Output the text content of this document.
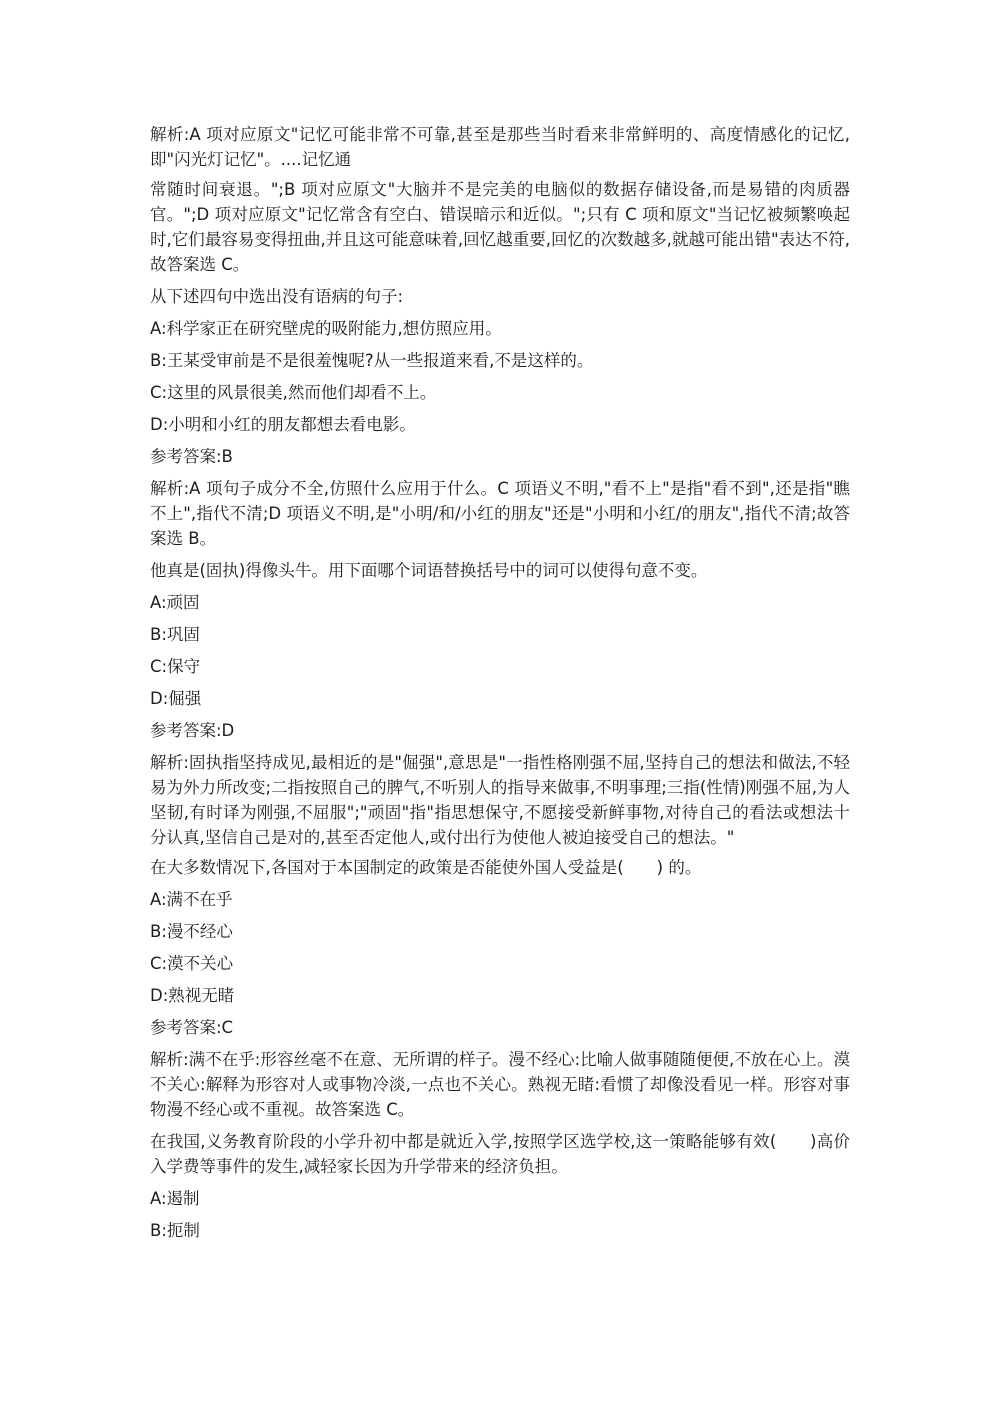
解析:A 项对应原文"记忆可能非常不可靠,甚至是那些当时看来非常鲜明的、高度情感化的记忆,即"闪光灯记忆"。....记忆通

常随时间衰退。";B 项对应原文"大脑并不是完美的电脑似的数据存储设备,而是易错的肉质器官。";D 项对应原文"记忆常含有空白、错误暗示和近似。";只有 C 项和原文"当记忆被频繁唤起时,它们最容易变得扭曲,并且这可能意味着,回忆越重要,回忆的次数越多,就越可能出错"表达不符,故答案选 C。

从下述四句中选出没有语病的句子:

A:科学家正在研究壁虎的吸附能力,想仿照应用。

B:王某受审前是不是很羞愧呢?从一些报道来看,不是这样的。

C:这里的风景很美,然而他们却看不上。

D:小明和小红的朋友都想去看电影。

参考答案:B

解析:A 项句子成分不全,仿照什么应用于什么。C 项语义不明,"看不上"是指"看不到",还是指"瞧不上",指代不清;D 项语义不明,是"小明/和/小红的朋友"还是"小明和小红/的朋友",指代不清;故答案选 B。

他真是(固执)得像头牛。用下面哪个词语替换括号中的词可以使得句意不变。

A:顽固

B:巩固

C:保守

D:倔强

参考答案:D

解析:固执指坚持成见,最相近的是"倔强",意思是"一指性格刚强不屈,坚持自己的想法和做法,不轻易为外力所改变;二指按照自己的脾气,不听别人的指导来做事,不明事理;三指(性情)刚强不屈,为人坚韧,有时译为刚强,不屈服";"顽固"指"指思想保守,不愿接受新鲜事物,对待自己的看法或想法十分认真,坚信自己是对的,甚至否定他人,或付出行为使他人被迫接受自己的想法。"

在大多数情况下,各国对于本国制定的政策是否能使外国人受益是(　　) 的。

A:满不在乎

B:漫不经心

C:漠不关心

D:熟视无睹

参考答案:C

解析:满不在乎:形容丝毫不在意、无所谓的样子。漫不经心:比喻人做事随随便便,不放在心上。漠不关心:解释为形容对人或事物冷淡,一点也不关心。熟视无睹:看惯了却像没看见一样。形容对事物漫不经心或不重视。故答案选 C。

在我国,义务教育阶段的小学升初中都是就近入学,按照学区选学校,这一策略能够有效(　　)高价入学费等事件的发生,减轻家长因为升学带来的经济负担。

A:遏制

B:扼制
